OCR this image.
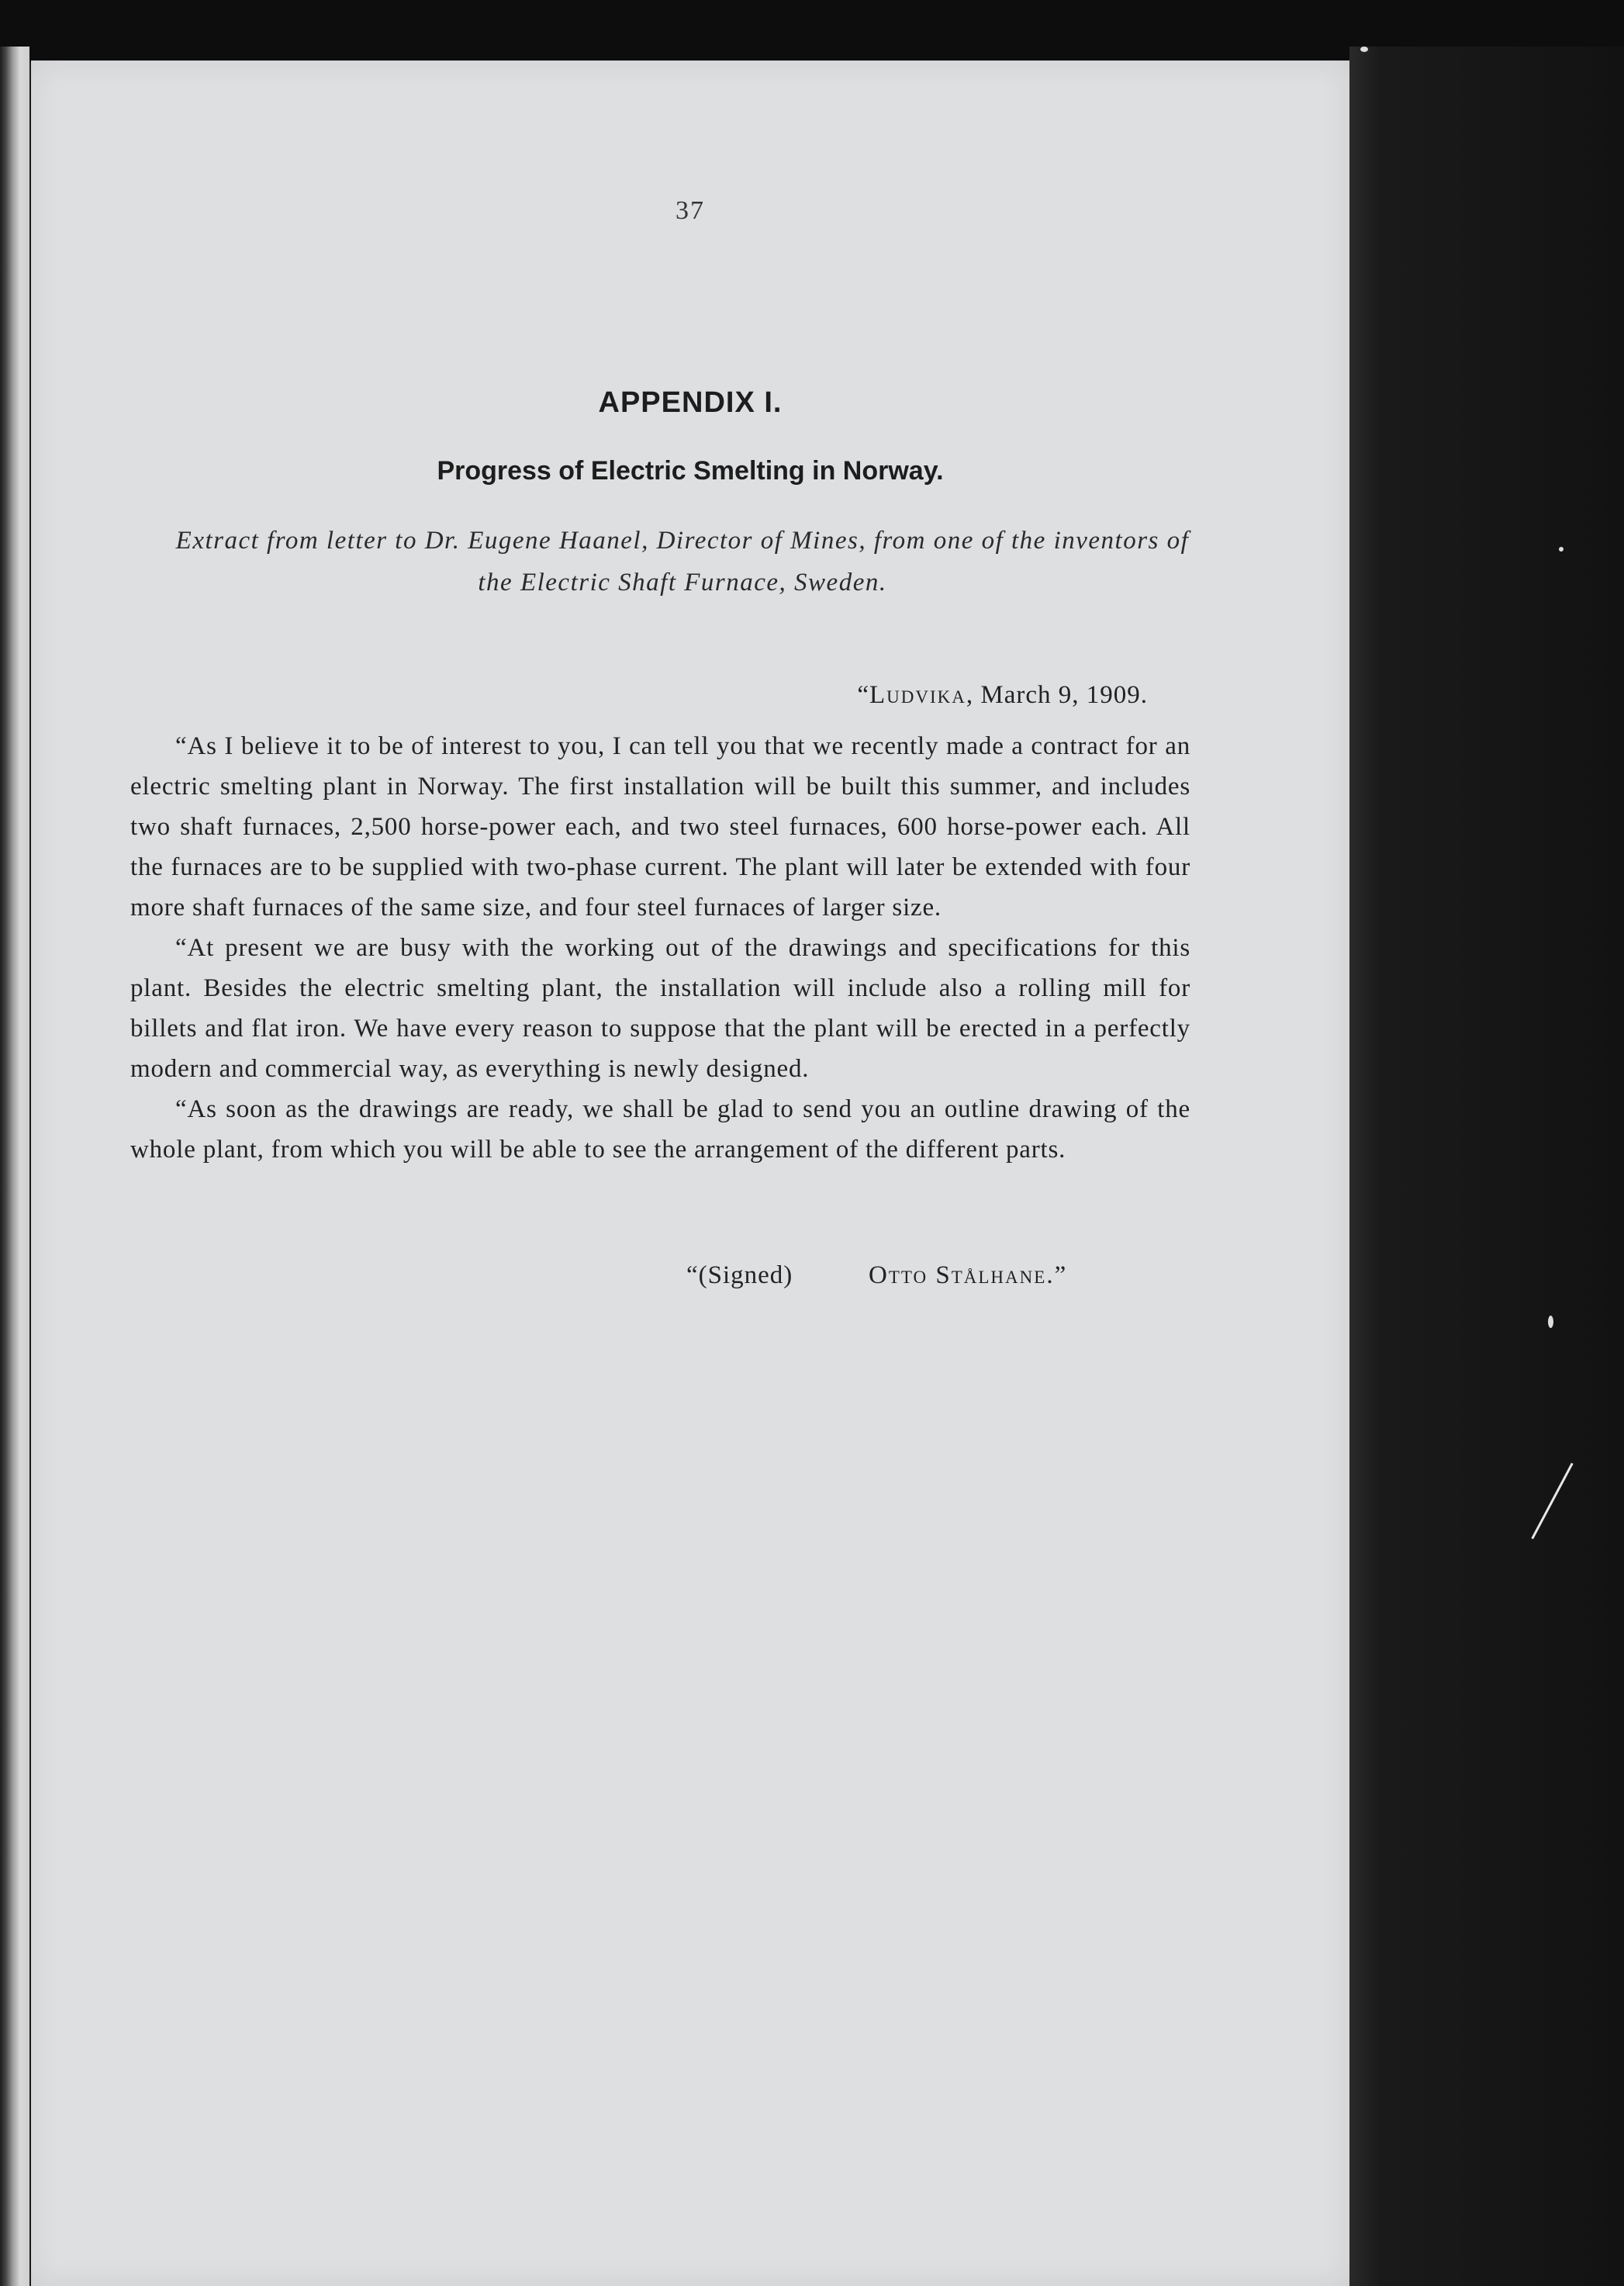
37
APPENDIX I.
Progress of Electric Smelting in Norway.
Extract from letter to Dr. Eugene Haanel, Director of Mines, from one of the inventors of the Electric Shaft Furnace, Sweden.
“Ludvika, March 9, 1909.

“As I believe it to be of interest to you, I can tell you that we recently made a contract for an electric smelting plant in Norway. The first installation will be built this summer, and includes two shaft furnaces, 2,500 horse-power each, and two steel furnaces, 600 horse-power each. All the furnaces are to be supplied with two-phase current. The plant will later be extended with four more shaft furnaces of the same size, and four steel furnaces of larger size.

“At present we are busy with the working out of the drawings and specifications for this plant. Besides the electric smelting plant, the installation will include also a rolling mill for billets and flat iron. We have every reason to suppose that the plant will be erected in a perfectly modern and commercial way, as everything is newly designed.

“As soon as the drawings are ready, we shall be glad to send you an outline drawing of the whole plant, from which you will be able to see the arrangement of the different parts.

“(Signed)	Otto Stålhane.”
